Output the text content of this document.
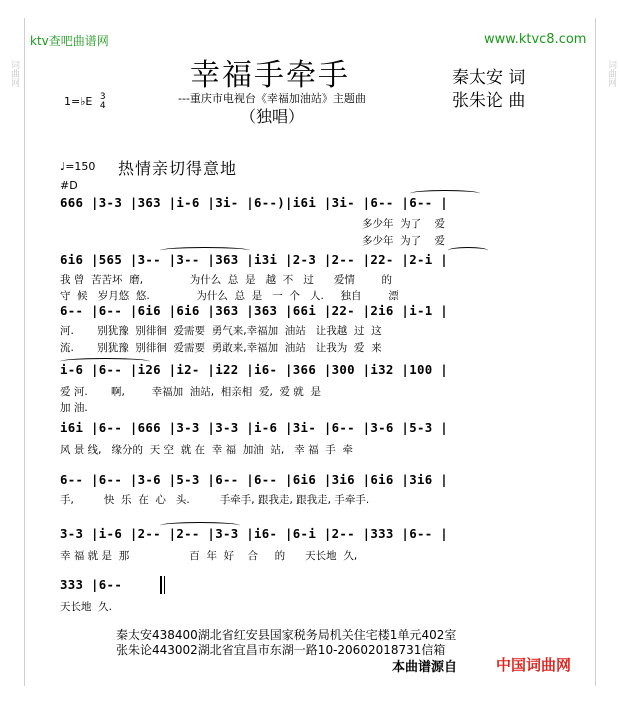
词曲网	词曲网
ktv查吧曲谱网	www.ktvc8.com
幸福手牵手
---重庆市电视台《幸福加油站》主题曲
（独唱）
秦太安 词
张朱论 曲
1=♭E 3
4
♩=150 热情亲切得意地
#D
666 |3-3 |363 |i-6 |3i- |6--)|i6i |3i- |6-- |6-- |
多少年  为了    爱
多少年  为了    爱
6i6 |565 |3-- |3-- |363 |i3i |2-3 |2-- |22- |2-i |
我 曾  苦苦坏  磨,              为什么  总  是   越  不   过      爱情        的
守  候   岁月悠  悠.              为什么  总  是   一  个   人.     独自        漂
6-- |6-- |6i6 |6i6 |363 |363 |66i |22- |2i6 |i-1 |
河.       别犹豫  别徘徊  爱需要  勇气来,幸福加  油站   让我越  过  这
流.       别犹豫  别徘徊  爱需要  勇敢来,幸福加  油站   让我为  爱  来
i-6 |6-- |i26 |i2- |i22 |i6- |366 |300 |i32 |100 |
爱 河.       啊,        幸福加  油站,  相亲相  爱,  爱 就  是
加 油.
i6i |6-- |666 |3-3 |3-3 |i-6 |3i- |6-- |3-6 |5-3 |
风 景 线,   缘分的  天 空  就 在  幸 福  加油  站,   幸 福  手  牵
6-- |6-- |3-6 |5-3 |6-- |6-- |6i6 |3i6 |6i6 |3i6 |
手,         快  乐  在  心   头.         手牵手, 跟我走, 跟我走, 手牵手.
3-3 |i-6 |2-- |2-- |3-3 |i6- |6-i |2-- |333 |6-- |
幸 福 就 是  那                  百  年  好    合     的      天长地  久,
333 |6--
天长地  久.
秦太安438400湖北省红安县国家税务局机关住宅楼1单元402室
张朱论443002湖北省宜昌市东湖一路10-20602018731信箱
本曲谱源自	中国词曲网
